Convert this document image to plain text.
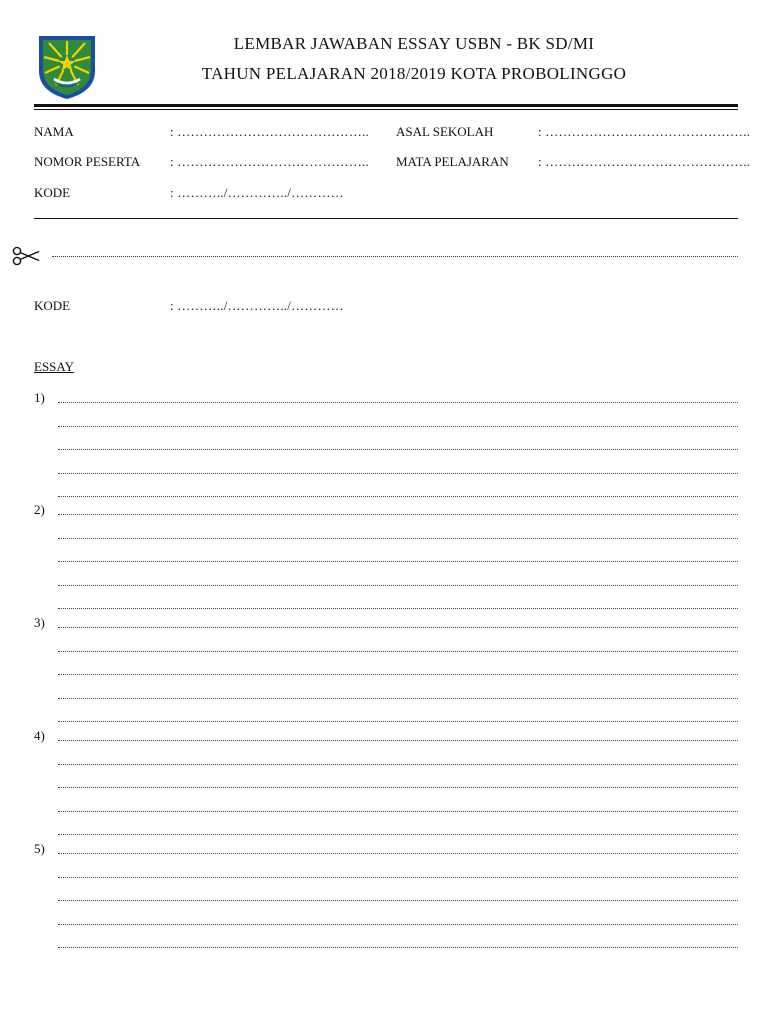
LEMBAR JAWABAN ESSAY USBN - BK SD/MI
TAHUN PELAJARAN 2018/2019 KOTA PROBOLINGGO
NAMA	: …………………………………….. ASAL SEKOLAH	: ………………………………………..
NOMOR PESERTA : …………………………………….. MATA PELAJARAN : ………………………………………..
KODE	: ………../…………../…………
KODE	: ………../…………../…………
ESSAY
1)
2)
3)
4)
5)
